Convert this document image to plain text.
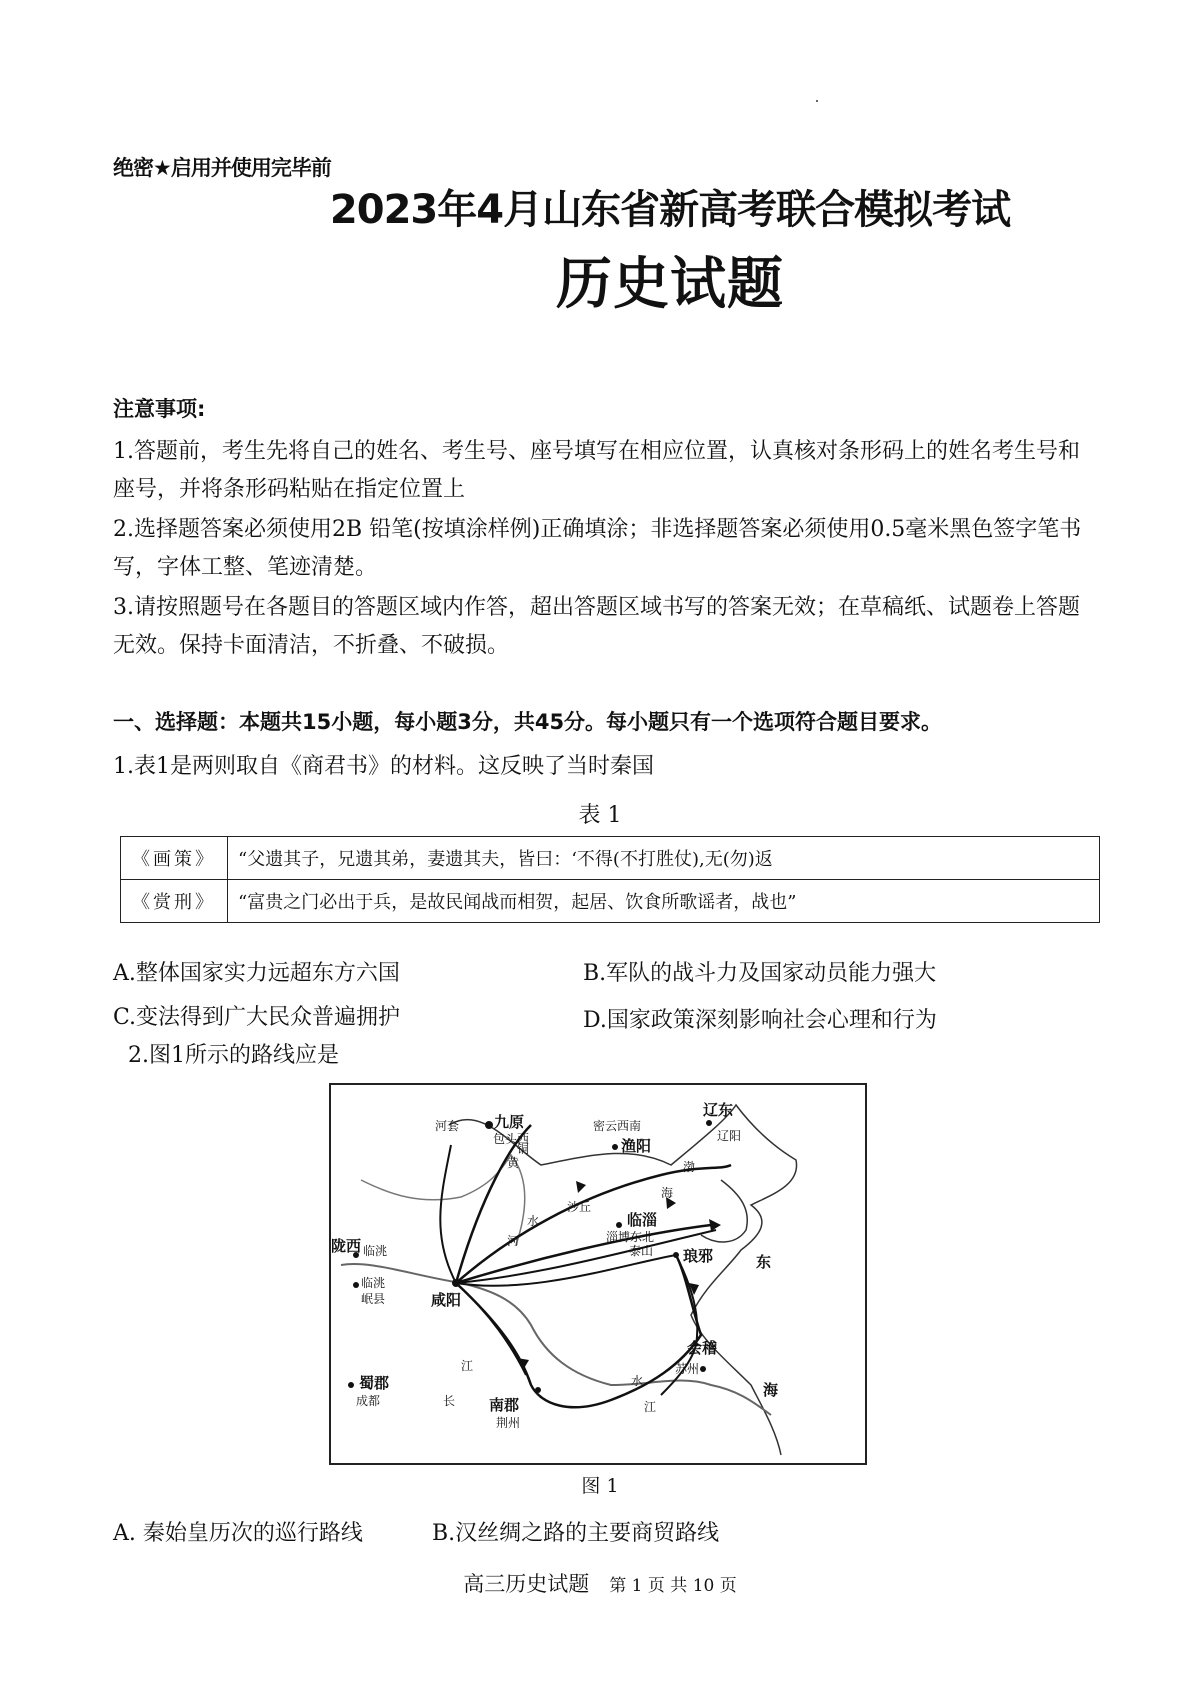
绝密★启用并使用完毕前
2023年4月山东省新高考联合模拟考试
历史试题
注意事项:
1.答题前，考生先将自己的姓名、考生号、座号填写在相应位置，认真核对条形码上的姓名考生号和座号，并将条形码粘贴在指定位置上
2.选择题答案必须使用2B 铅笔(按填涂样例)正确填涂；非选择题答案必须使用0.5毫米黑色签字笔书写，字体工整、笔迹清楚。
3.请按照题号在各题目的答题区域内作答，超出答题区域书写的答案无效；在草稿纸、试题卷上答题无效。保持卡面清洁，不折叠、不破损。
一、选择题：本题共15小题，每小题3分，共45分。每小题只有一个选项符合题目要求。
1.表1是两则取自《商君书》的材料。这反映了当时秦国
表 1
《画策》	“父遗其子，兄遗其弟，妻遗其夫，皆曰：‘不得(不打胜仗),无(勿)返
《赏刑》	“富贵之门必出于兵，是故民闻战而相贺，起居、饮食所歌谣者，战也”
A.整体国家实力远超东方六国	B.军队的战斗力及国家动员能力强大
C.变法得到广大民众普遍拥护	D.国家政策深刻影响社会心理和行为
2.图1所示的路线应是
河套 九原
包头西
密云西南
渔阳
辽东
辽阳
渤
海
沙丘
临淄
淄博东北
泰山 琅邪	东
陇西 临洮
临洮
岷县	咸阳
黄
河
水
铜
蜀郡
成都
江
长 南郡
荆州
会稽
苏州
水
江
海
图 1
A. 秦始皇历次的巡行路线	B.汉丝绸之路的主要商贸路线
高三历史试题 第 1 页 共 10 页
